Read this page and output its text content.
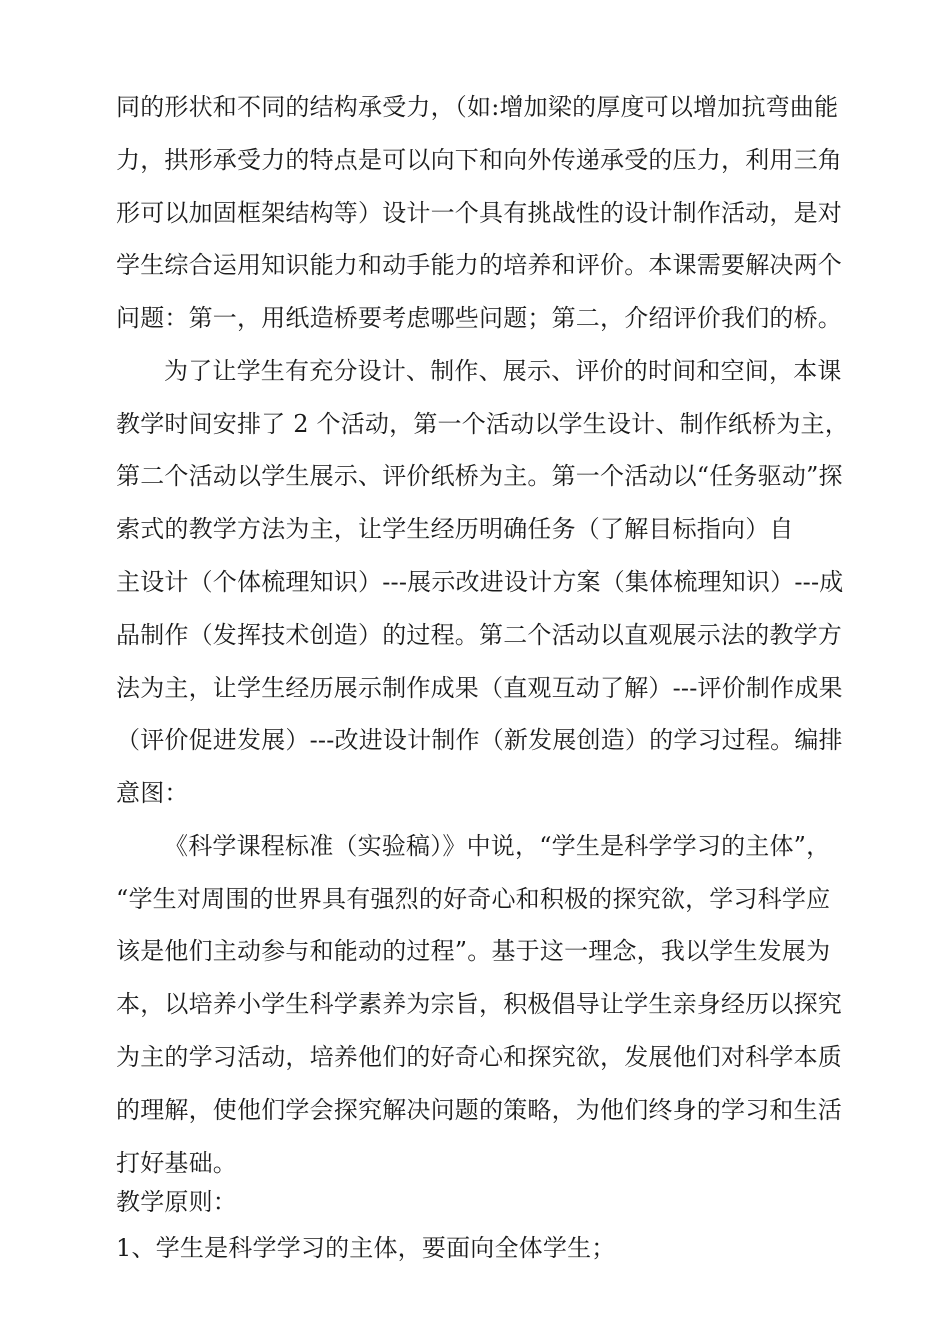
同的形状和不同的结构承受力，（如:增加梁的厚度可以增加抗弯曲能
力，拱形承受力的特点是可以向下和向外传递承受的压力，利用三角
形可以加固框架结构等）设计一个具有挑战性的设计制作活动，是对
学生综合运用知识能力和动手能力的培养和评价。本课需要解决两个
问题：第一，用纸造桥要考虑哪些问题；第二，介绍评价我们的桥。
为了让学生有充分设计、制作、展示、评价的时间和空间，本课
教学时间安排了 2 个活动，第一个活动以学生设计、制作纸桥为主，
第二个活动以学生展示、评价纸桥为主。第一个活动以“任务驱动”探
索式的教学方法为主，让学生经历明确任务（了解目标指向）自
主设计（个体梳理知识）---展示改进设计方案（集体梳理知识）---成
品制作（发挥技术创造）的过程。第二个活动以直观展示法的教学方
法为主，让学生经历展示制作成果（直观互动了解）---评价制作成果
（评价促进发展）---改进设计制作（新发展创造）的学习过程。编排
意图：
《科学课程标准（实验稿）》中说，“学生是科学学习的主体”，
“学生对周围的世界具有强烈的好奇心和积极的探究欲，学习科学应
该是他们主动参与和能动的过程”。基于这一理念，我以学生发展为
本，以培养小学生科学素养为宗旨，积极倡导让学生亲身经历以探究
为主的学习活动，培养他们的好奇心和探究欲，发展他们对科学本质
的理解，使他们学会探究解决问题的策略，为他们终身的学习和生活
打好基础。
教学原则：
1、学生是科学学习的主体，要面向全体学生；
